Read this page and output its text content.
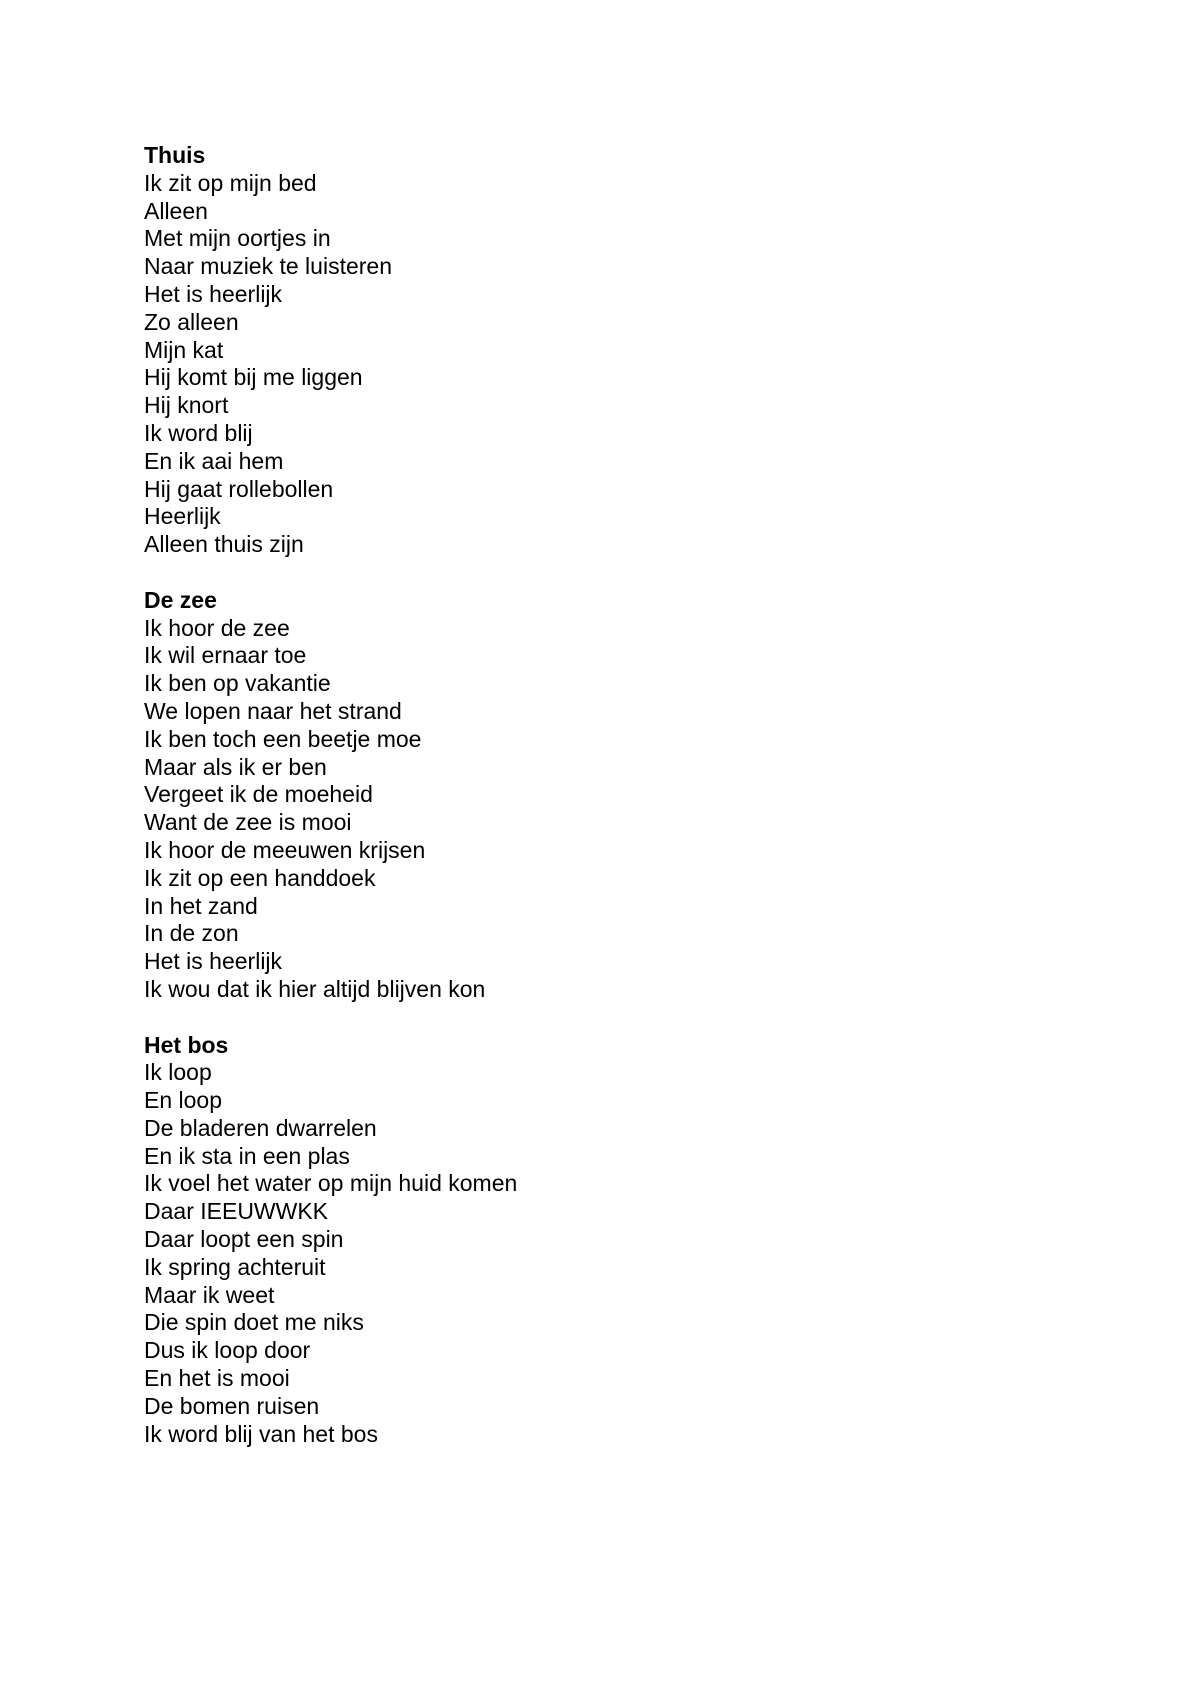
Thuis
Ik zit op mijn bed
Alleen
Met mijn oortjes in
Naar muziek te luisteren
Het is heerlijk
Zo alleen
Mijn kat
Hij komt bij me liggen
Hij knort
Ik word blij
En ik aai hem
Hij gaat rollebollen
Heerlijk
Alleen thuis zijn
De zee
Ik hoor de zee
Ik wil ernaar toe
Ik ben op vakantie
We lopen naar het strand
Ik ben toch een beetje moe
Maar als ik er ben
Vergeet ik de moeheid
Want de zee is mooi
Ik hoor de meeuwen krijsen
Ik zit op een handdoek
In het zand
In de zon
Het is heerlijk
Ik wou dat ik hier altijd blijven kon
Het bos
Ik loop
En loop
De bladeren dwarrelen
En ik sta in een plas
Ik voel het water op mijn huid komen
Daar IEEUWWKK
Daar loopt een spin
Ik spring achteruit
Maar ik weet
Die spin doet me niks
Dus ik loop door
En het is mooi
De bomen ruisen
Ik word blij van het bos
